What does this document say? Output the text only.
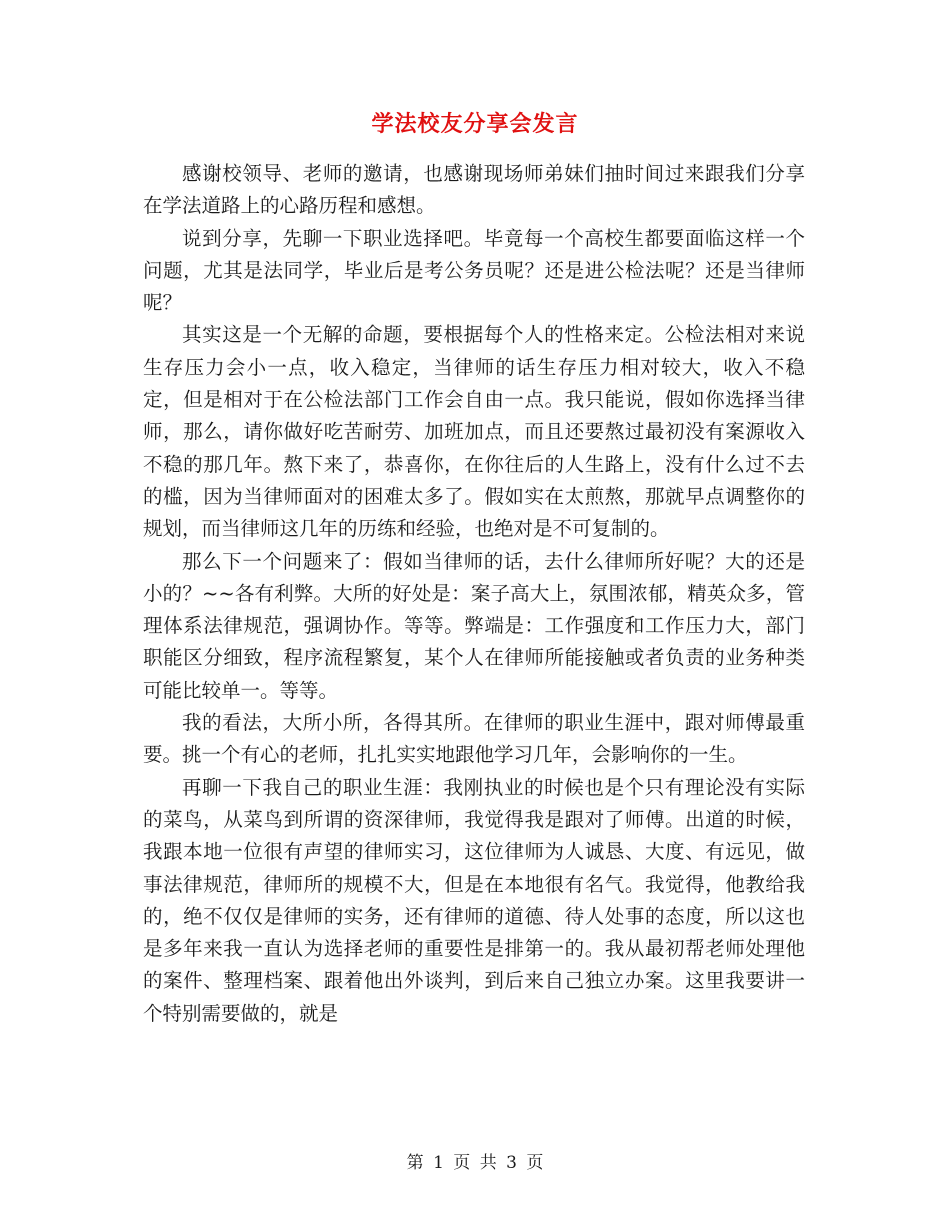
学法校友分享会发言

感谢校领导、老师的邀请，也感谢现场师弟妹们抽时间过来跟我们分享在学法道路上的心路历程和感想。

说到分享，先聊一下职业选择吧。毕竟每一个高校生都要面临这样一个问题，尤其是法同学，毕业后是考公务员呢？还是进公检法呢？还是当律师呢？

其实这是一个无解的命题，要根据每个人的性格来定。公检法相对来说生存压力会小一点，收入稳定，当律师的话生存压力相对较大，收入不稳定，但是相对于在公检法部门工作会自由一点。我只能说，假如你选择当律师，那么，请你做好吃苦耐劳、加班加点，而且还要熬过最初没有案源收入不稳的那几年。熬下来了，恭喜你，在你往后的人生路上，没有什么过不去的槛，因为当律师面对的困难太多了。假如实在太煎熬，那就早点调整你的规划，而当律师这几年的历练和经验，也绝对是不可复制的。

那么下一个问题来了：假如当律师的话，去什么律师所好呢？大的还是小的？~~各有利弊。大所的好处是：案子高大上，氛围浓郁，精英众多，管理体系法律规范，强调协作。等等。弊端是：工作强度和工作压力大，部门职能区分细致，程序流程繁复，某个人在律师所能接触或者负责的业务种类可能比较单一。等等。

我的看法，大所小所，各得其所。在律师的职业生涯中，跟对师傅最重要。挑一个有心的老师，扎扎实实地跟他学习几年，会影响你的一生。

再聊一下我自己的职业生涯：我刚执业的时候也是个只有理论没有实际的菜鸟，从菜鸟到所谓的资深律师，我觉得我是跟对了师傅。出道的时候，我跟本地一位很有声望的律师实习，这位律师为人诚恳、大度、有远见，做事法律规范，律师所的规模不大，但是在本地很有名气。我觉得，他教给我的，绝不仅仅是律师的实务，还有律师的道德、待人处事的态度，所以这也是多年来我一直认为选择老师的重要性是排第一的。我从最初帮老师处理他的案件、整理档案、跟着他出外谈判，到后来自己独立办案。这里我要讲一个特别需要做的，就是

第 1 页 共 3 页
